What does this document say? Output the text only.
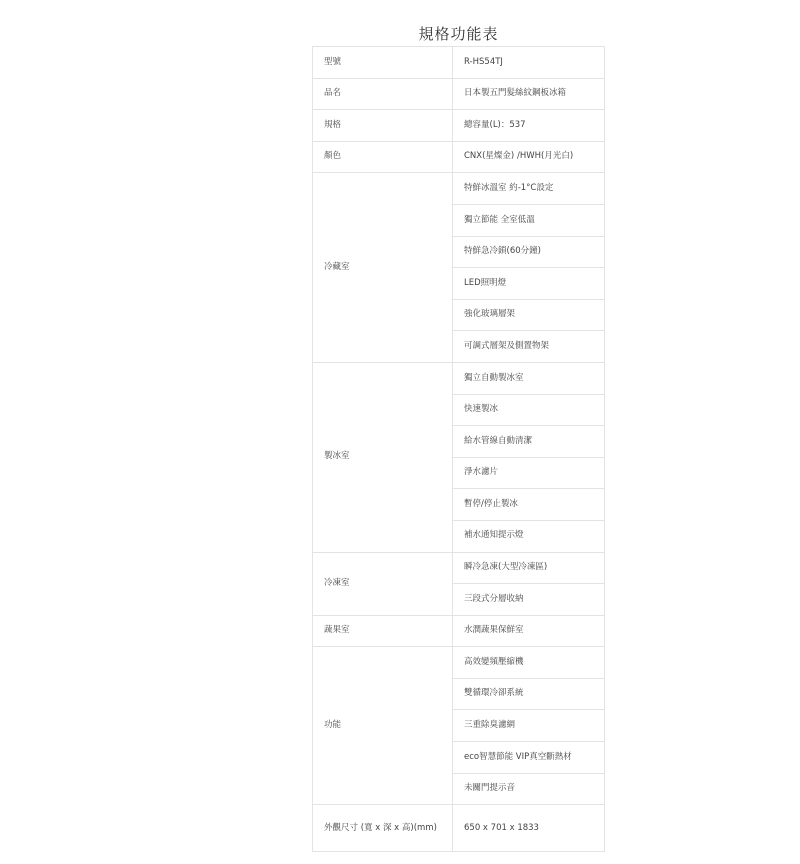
規格功能表
型號	R-HS54TJ
品名	日本製五門髮絲紋鋼板冰箱
規格	總容量(L)：537
顏色	CNX(星燦金) /HWH(月光白)
冷藏室	特鮮冰溫室 約-1°C設定
	獨立節能 全室低溫
	特鮮急冷鎖(60分鐘)
	LED照明燈
	強化玻璃層架
	可調式層架及側置物架
製冰室	獨立自動製冰室
	快速製冰
	給水管線自動清潔
	淨水濾片
	暫停/停止製冰
	補水通知提示燈
冷凍室	瞬冷急凍(大型冷凍區)
	三段式分層收納
蔬果室	水潤蔬果保鮮室
功能	高效變頻壓縮機
	雙循環冷卻系統
	三重除臭濾網
	eco智慧節能 VIP真空斷熱材
	未關門提示音
外觀尺寸 (寬 x 深 x 高)(mm)	650 x 701 x 1833
